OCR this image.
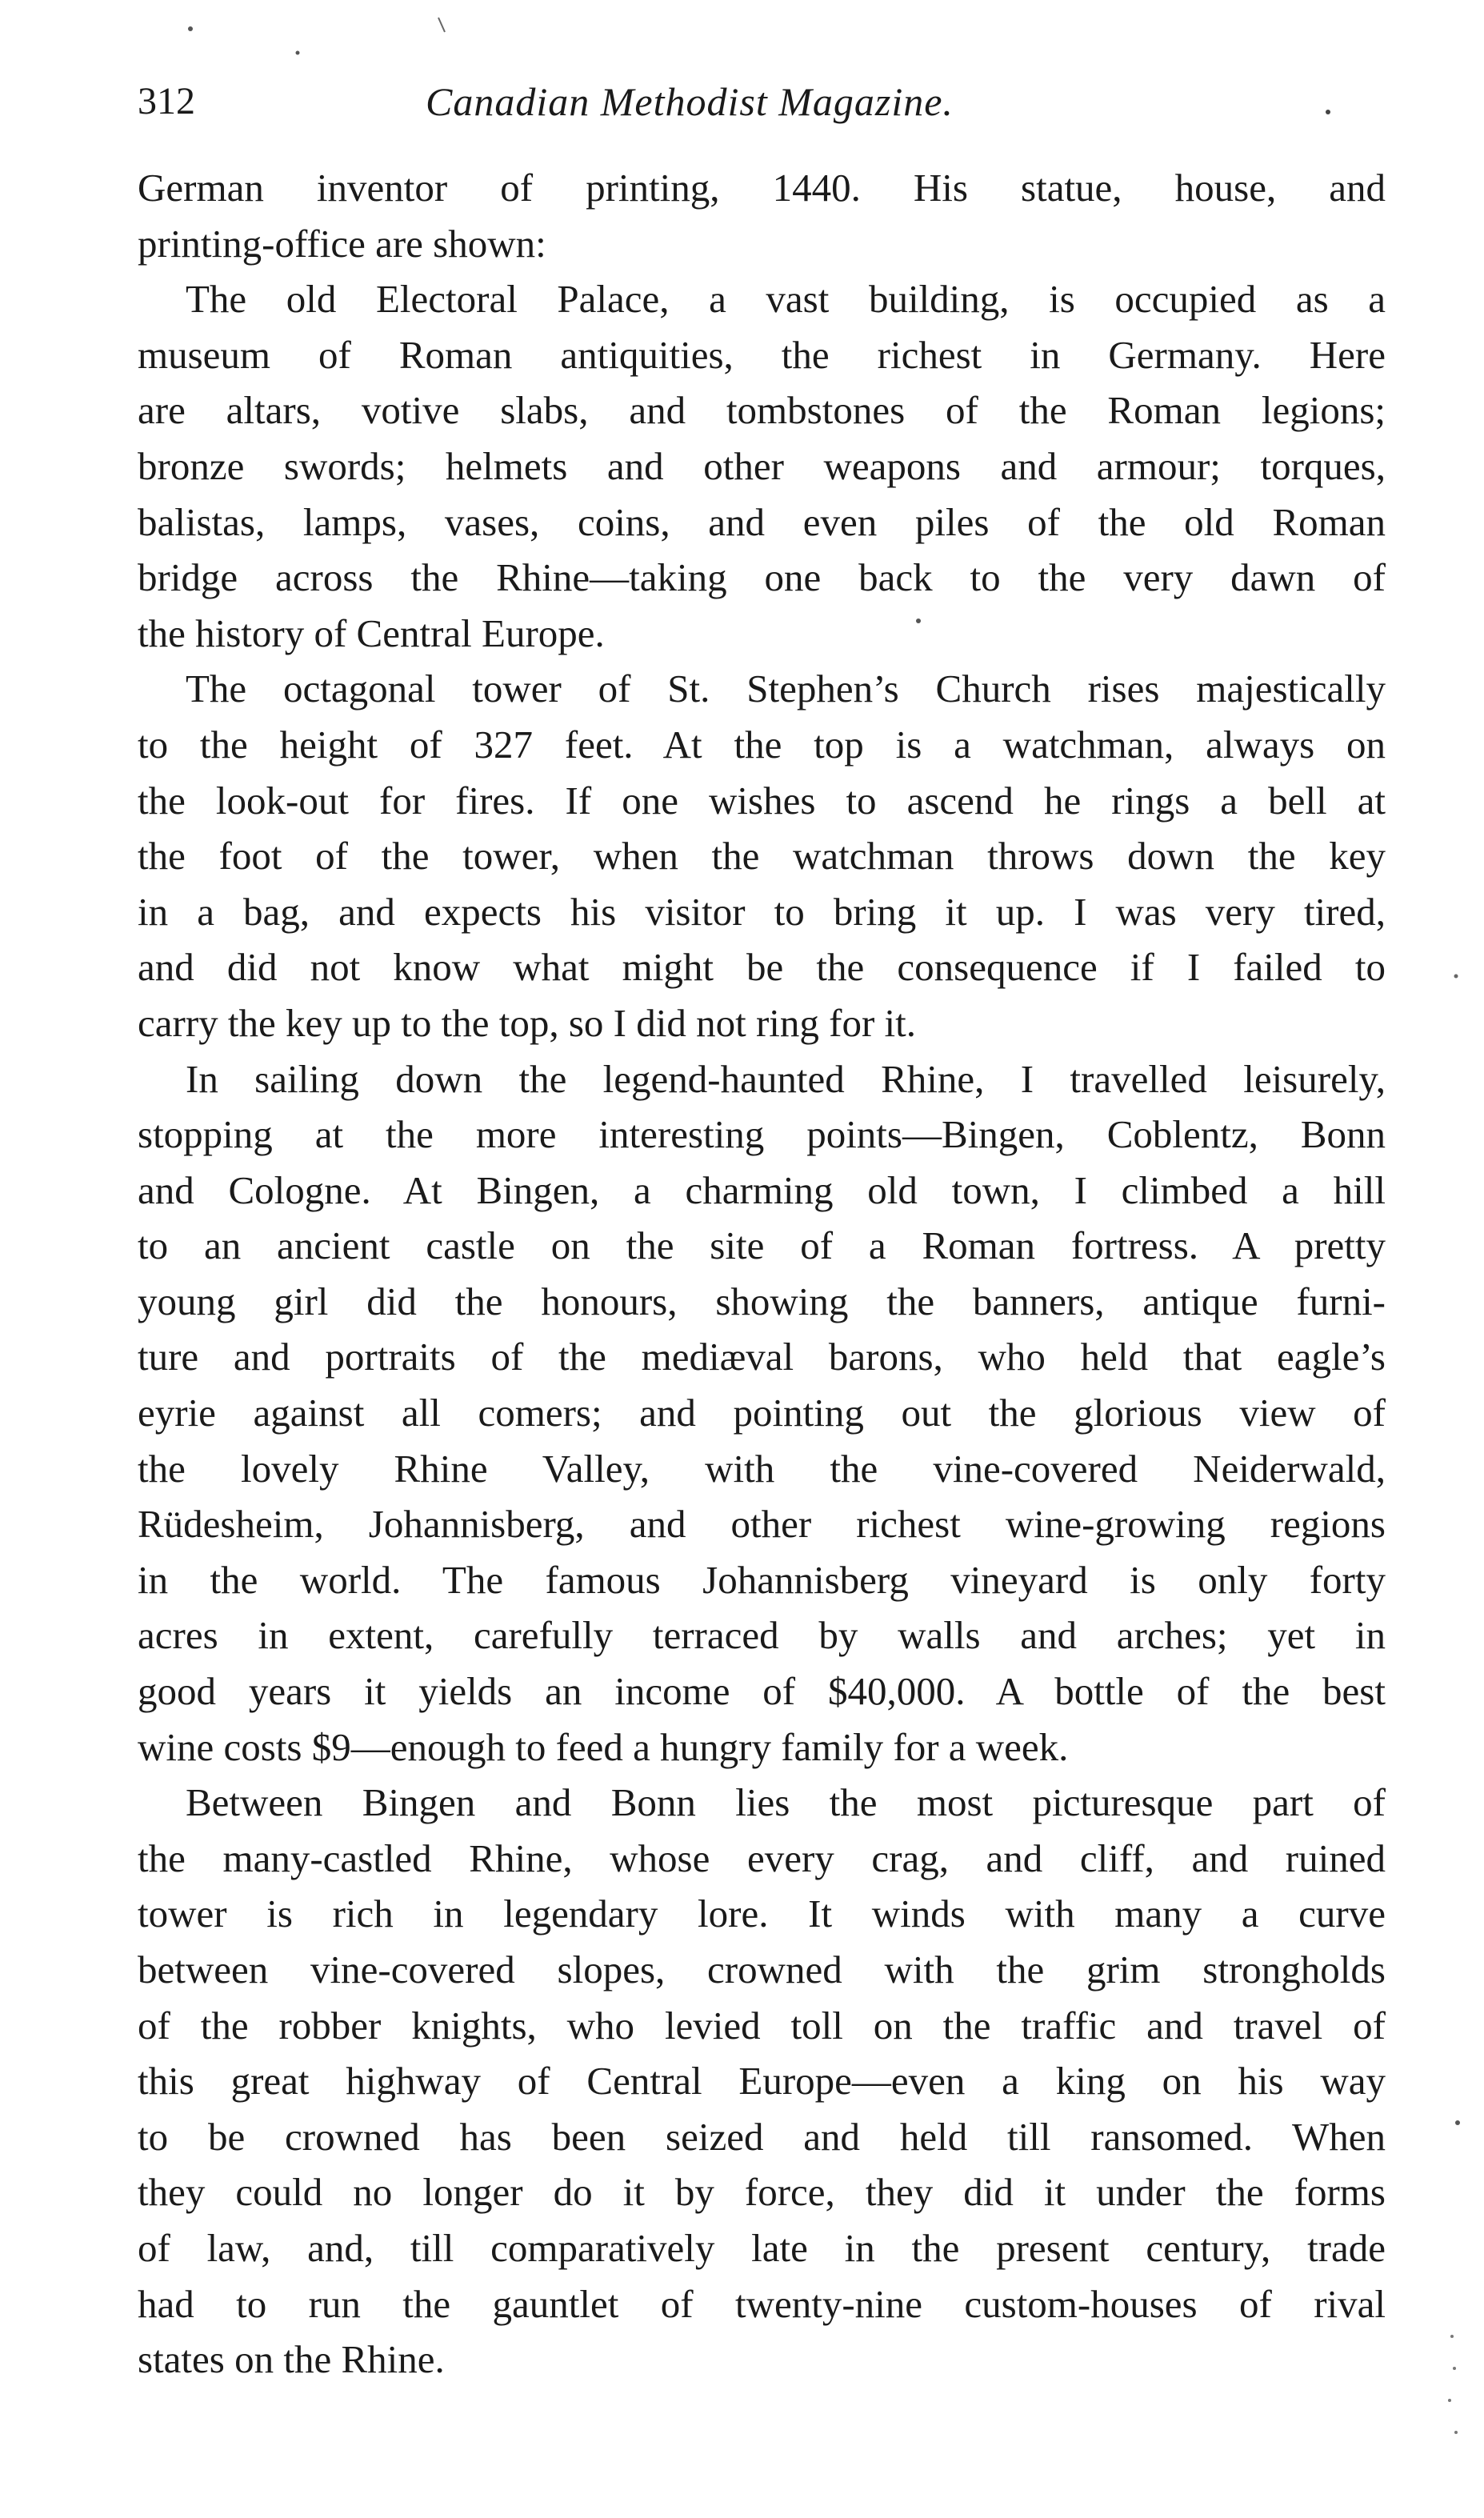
312	Canadian Methodist Magazine.
German inventor of printing, 1440. His statue, house, and
printing-office are shown:
The old Electoral Palace, a vast building, is occupied as a
museum of Roman antiquities, the richest in Germany. Here
are altars, votive slabs, and tombstones of the Roman legions;
bronze swords; helmets and other weapons and armour; torques,
balistas, lamps, vases, coins, and even piles of the old Roman
bridge across the Rhine—taking one back to the very dawn of
the history of Central Europe.
The octagonal tower of St. Stephen’s Church rises majestically
to the height of 327 feet. At the top is a watchman, always on
the look-out for fires. If one wishes to ascend he rings a bell at
the foot of the tower, when the watchman throws down the key
in a bag, and expects his visitor to bring it up. I was very tired,
and did not know what might be the consequence if I failed to
carry the key up to the top, so I did not ring for it.
In sailing down the legend-haunted Rhine, I travelled leisurely,
stopping at the more interesting points—Bingen, Coblentz, Bonn
and Cologne. At Bingen, a charming old town, I climbed a hill
to an ancient castle on the site of a Roman fortress. A pretty
young girl did the honours, showing the banners, antique furni-
ture and portraits of the mediæval barons, who held that eagle’s
eyrie against all comers; and pointing out the glorious view of
the lovely Rhine Valley, with the vine-covered Neiderwald,
Rüdesheim, Johannisberg, and other richest wine-growing regions
in the world. The famous Johannisberg vineyard is only forty
acres in extent, carefully terraced by walls and arches; yet in
good years it yields an income of $40,000. A bottle of the best
wine costs $9—enough to feed a hungry family for a week.
Between Bingen and Bonn lies the most picturesque part of
the many-castled Rhine, whose every crag, and cliff, and ruined
tower is rich in legendary lore. It winds with many a curve
between vine-covered slopes, crowned with the grim strongholds
of the robber knights, who levied toll on the traffic and travel of
this great highway of Central Europe—even a king on his way
to be crowned has been seized and held till ransomed. When
they could no longer do it by force, they did it under the forms
of law, and, till comparatively late in the present century, trade
had to run the gauntlet of twenty-nine custom-houses of rival
states on the Rhine.
